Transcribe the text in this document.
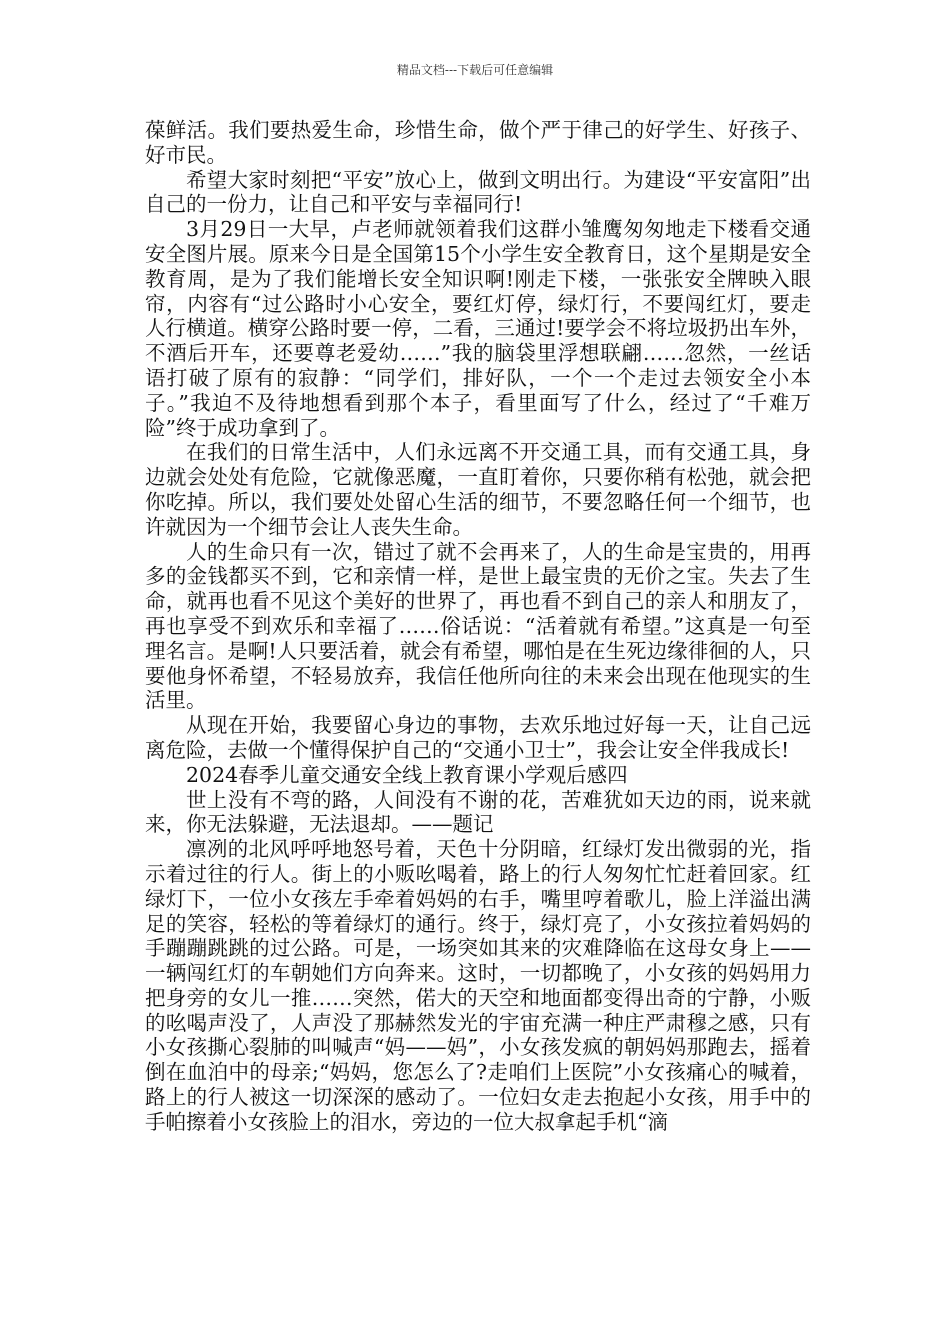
精品文档---下载后可任意编辑

葆鲜活。我们要热爱生命，珍惜生命，做个严于律己的好学生、好孩子、好市民。

希望大家时刻把“平安”放心上，做到文明出行。为建设“平安富阳”出自己的一份力，让自己和平安与幸福同行!

3月29日一大早，卢老师就领着我们这群小雏鹰匆匆地走下楼看交通安全图片展。原来今日是全国第15个小学生安全教育日，这个星期是安全教育周，是为了我们能增长安全知识啊!刚走下楼，一张张安全牌映入眼帘，内容有“过公路时小心安全，要红灯停，绿灯行，不要闯红灯，要走人行横道。横穿公路时要一停，二看，三通过!要学会不将垃圾扔出车外，不酒后开车，还要尊老爱幼……”我的脑袋里浮想联翩……忽然，一丝话语打破了原有的寂静：“同学们，排好队，一个一个走过去领安全小本子。”我迫不及待地想看到那个本子，看里面写了什么，经过了“千难万险”终于成功拿到了。

在我们的日常生活中，人们永远离不开交通工具，而有交通工具，身边就会处处有危险，它就像恶魔，一直盯着你，只要你稍有松弛，就会把你吃掉。所以，我们要处处留心生活的细节，不要忽略任何一个细节，也许就因为一个细节会让人丧失生命。

人的生命只有一次，错过了就不会再来了，人的生命是宝贵的，用再多的金钱都买不到，它和亲情一样，是世上最宝贵的无价之宝。失去了生命，就再也看不见这个美好的世界了，再也看不到自己的亲人和朋友了，再也享受不到欢乐和幸福了……俗话说：“活着就有希望。”这真是一句至理名言。是啊!人只要活着，就会有希望，哪怕是在生死边缘徘徊的人，只要他身怀希望，不轻易放弃，我信任他所向往的未来会出现在他现实的生活里。

从现在开始，我要留心身边的事物，去欢乐地过好每一天，让自己远离危险，去做一个懂得保护自己的“交通小卫士”，我会让安全伴我成长!

2024春季儿童交通安全线上教育课小学观后感四

世上没有不弯的路，人间没有不谢的花，苦难犹如天边的雨，说来就来，你无法躲避，无法退却。——题记

凛冽的北风呼呼地怒号着，天色十分阴暗，红绿灯发出微弱的光，指示着过往的行人。街上的小贩吆喝着，路上的行人匆匆忙忙赶着回家。红绿灯下，一位小女孩左手牵着妈妈的右手，嘴里哼着歌儿，脸上洋溢出满足的笑容，轻松的等着绿灯的通行。终于，绿灯亮了，小女孩拉着妈妈的手蹦蹦跳跳的过公路。可是，一场突如其来的灾难降临在这母女身上——一辆闯红灯的车朝她们方向奔来。这时，一切都晚了，小女孩的妈妈用力把身旁的女儿一推……突然，偌大的天空和地面都变得出奇的宁静，小贩的吆喝声没了，人声没了那赫然发光的宇宙充满一种庄严肃穆之感，只有小女孩撕心裂肺的叫喊声“妈——妈”，小女孩发疯的朝妈妈那跑去，摇着倒在血泊中的母亲;“妈妈，您怎么了?走咱们上医院”小女孩痛心的喊着，路上的行人被这一切深深的感动了。一位妇女走去抱起小女孩，用手中的手帕擦着小女孩脸上的泪水，旁边的一位大叔拿起手机“滴
